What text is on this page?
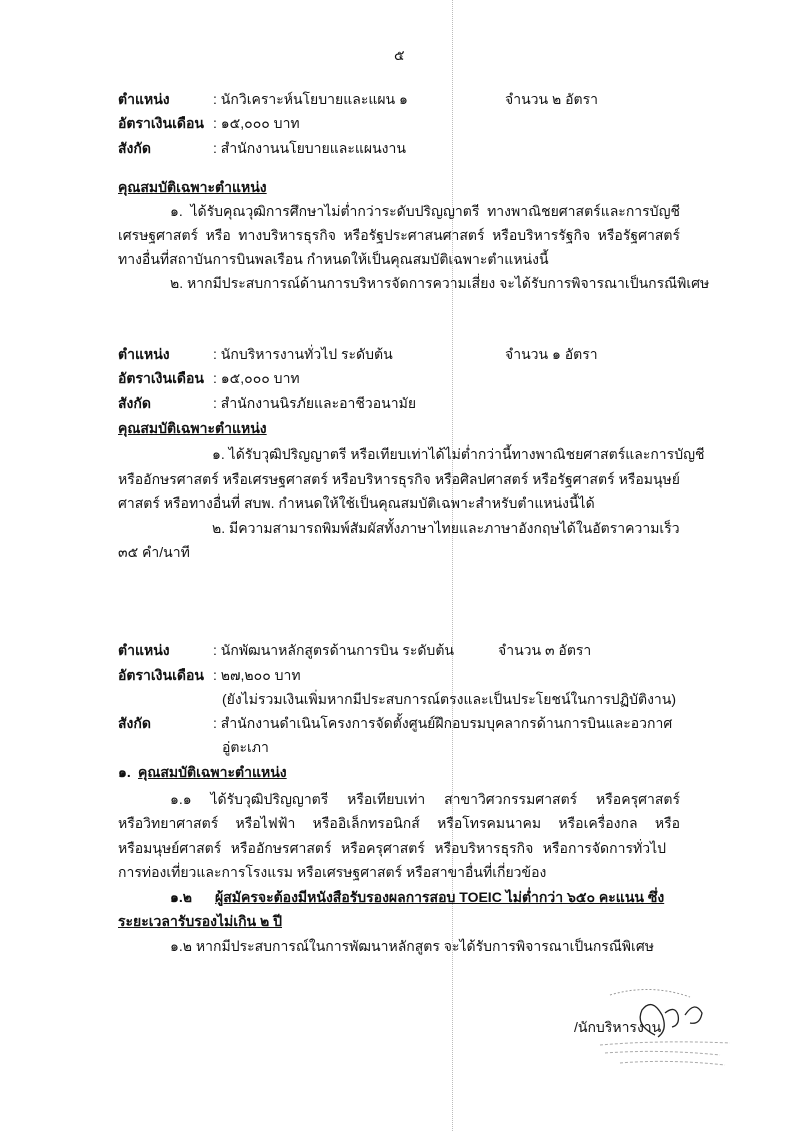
๕
ตำแหน่ง	: นักวิเคราะห์นโยบายและแผน ๑	จำนวน ๒ อัตรา
อัตราเงินเดือน : ๑๕,๐๐๐ บาท
สังกัด	: สำนักงานนโยบายและแผนงาน
คุณสมบัติเฉพาะตำแหน่ง
๑. ได้รับคุณวุฒิการศึกษาไม่ต่ำกว่าระดับปริญญาตรี ทางพาณิชยศาสตร์และการบัญชี
เศรษฐศาสตร์ หรือ ทางบริหารธุรกิจ หรือรัฐประศาสนศาสตร์ หรือบริหารรัฐกิจ หรือรัฐศาสตร์
ทางอื่นที่สถาบันการบินพลเรือน กำหนดให้เป็นคุณสมบัติเฉพาะตำแหน่งนี้
๒. หากมีประสบการณ์ด้านการบริหารจัดการความเสี่ยง จะได้รับการพิจารณาเป็นกรณีพิเศษ
ตำแหน่ง	: นักบริหารงานทั่วไป ระดับต้น	จำนวน ๑ อัตรา
อัตราเงินเดือน : ๑๕,๐๐๐ บาท
สังกัด	: สำนักงานนิรภัยและอาชีวอนามัย
คุณสมบัติเฉพาะตำแหน่ง
๑. ได้รับวุฒิปริญญาตรี หรือเทียบเท่าได้ไม่ต่ำกว่านี้ทางพาณิชยศาสตร์และการบัญชี
หรืออักษรศาสตร์ หรือเศรษฐศาสตร์ หรือบริหารธุรกิจ หรือศิลปศาสตร์ หรือรัฐศาสตร์ หรือมนุษย์
ศาสตร์ หรือทางอื่นที่ สบพ. กำหนดให้ใช้เป็นคุณสมบัติเฉพาะสำหรับตำแหน่งนี้ได้
๒. มีความสามารถพิมพ์สัมผัสทั้งภาษาไทยและภาษาอังกฤษได้ในอัตราความเร็ว
๓๕ คำ/นาที
ตำแหน่ง	: นักพัฒนาหลักสูตรด้านการบิน ระดับต้น	จำนวน ๓ อัตรา
อัตราเงินเดือน : ๒๗,๒๐๐ บาท
(ยังไม่รวมเงินเพิ่มหากมีประสบการณ์ตรงและเป็นประโยชน์ในการปฏิบัติงาน)
สังกัด	: สำนักงานดำเนินโครงการจัดตั้งศูนย์ฝึกอบรมบุคลากรด้านการบินและอวกาศ
อู่ตะเภา
๑. คุณสมบัติเฉพาะตำแหน่ง
๑.๑ ได้รับวุฒิปริญญาตรี หรือเทียบเท่า สาขาวิศวกรรมศาสตร์ หรือครุศาสตร์
หรือวิทยาศาสตร์ หรือไฟฟ้า หรืออิเล็กทรอนิกส์ หรือโทรคมนาคม หรือเครื่องกล หรือ
หรือมนุษย์ศาสตร์ หรืออักษรศาสตร์ หรือครุศาสตร์ หรือบริหารธุรกิจ หรือการจัดการทั่วไป
การท่องเที่ยวและการโรงแรม หรือเศรษฐศาสตร์ หรือสาขาอื่นที่เกี่ยวข้อง
๑.๒ ผู้สมัครจะต้องมีหนังสือรับรองผลการสอบ TOEIC ไม่ต่ำกว่า ๖๕๐ คะแนน ซึ่ง
ระยะเวลารับรองไม่เกิน ๒ ปี
๑.๒ หากมีประสบการณ์ในการพัฒนาหลักสูตร จะได้รับการพิจารณาเป็นกรณีพิเศษ
/นักบริหารงาน
